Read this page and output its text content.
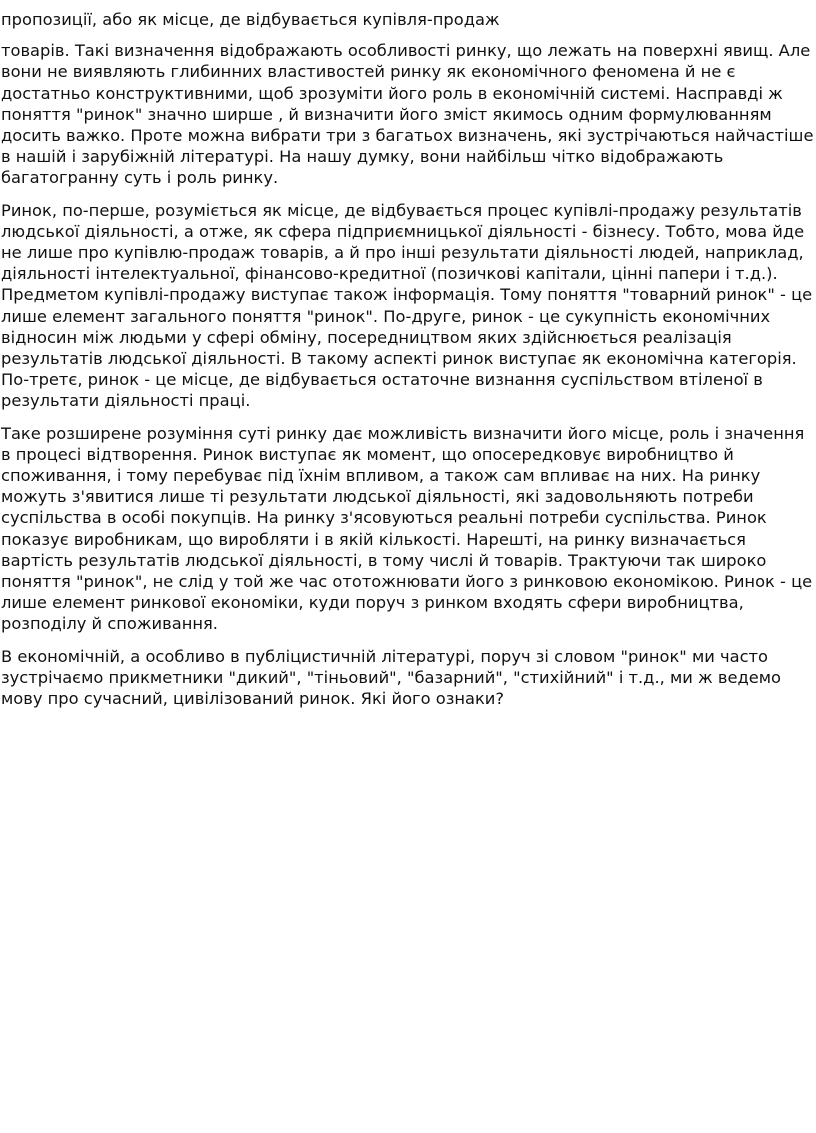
пропозиції, або як місце, де відбувається купівля-продаж

товарів. Такі визначення відображають особливості ринку, що лежать на поверхні явищ. Але вони не виявляють глибинних властивостей ринку як економічного феномена й не є достатньо конструктивними, щоб зрозуміти його роль в економічній системі. Насправді ж поняття "ринок" значно ширше , й визначити його зміст якимось одним формулюванням досить важко. Проте можна вибрати три з багатьох визначень, які зустрічаються найчастіше в нашій і зарубіжній літературі. На нашу думку, вони найбільш чітко відображають багатогранну суть і роль ринку.

Ринок, по-перше, розуміється як місце, де відбувається процес купівлі-продажу результатів людської діяльності, а отже, як сфера підприємницької діяльності - бізнесу. Тобто, мова йде не лише про купівлю-продаж товарів, а й про інші результати діяльності людей, наприклад, діяльності інтелектуальної, фінансово-кредитної (позичкові капітали, цінні папери і т.д.). Предметом купівлі-продажу виступає також інформація. Тому поняття "товарний ринок" - це лише елемент загального поняття "ринок". По-друге, ринок - це сукупність економічних відносин між людьми у сфері обміну, посередництвом яких здійснюється реалізація результатів людської діяльності. В такому аспекті ринок виступає як економічна категорія. По-третє, ринок - це місце, де відбувається остаточне визнання суспільством втіленої в результати діяльності праці.

Таке розширене розуміння суті ринку дає можливість визначити його місце, роль і значення в процесі відтворення. Ринок виступає як момент, що опосередковує виробництво й споживання, і тому перебуває під їхнім впливом, а також сам впливає на них. На ринку можуть з'явитися лише ті результати людської діяльності, які задовольняють потреби суспільства в особі покупців. На ринку з'ясовуються реальні потреби суспільства. Ринок показує виробникам, що виробляти і в якій кількості. Нарешті, на ринку визначається вартість результатів людської діяльності, в тому числі й товарів. Трактуючи так широко поняття "ринок", не слід у той же час ототожнювати його з ринковою економікою. Ринок - це лише елемент ринкової економіки, куди поруч з ринком входять сфери виробництва, розподілу й споживання.

В економічній, а особливо в публіцистичній літературі, поруч зі словом "ринок" ми часто зустрічаємо прикметники "дикий", "тіньовий", "базарний", "стихійний" і т.д., ми ж ведемо мову про сучасний, цивілізований ринок. Які його ознаки?
